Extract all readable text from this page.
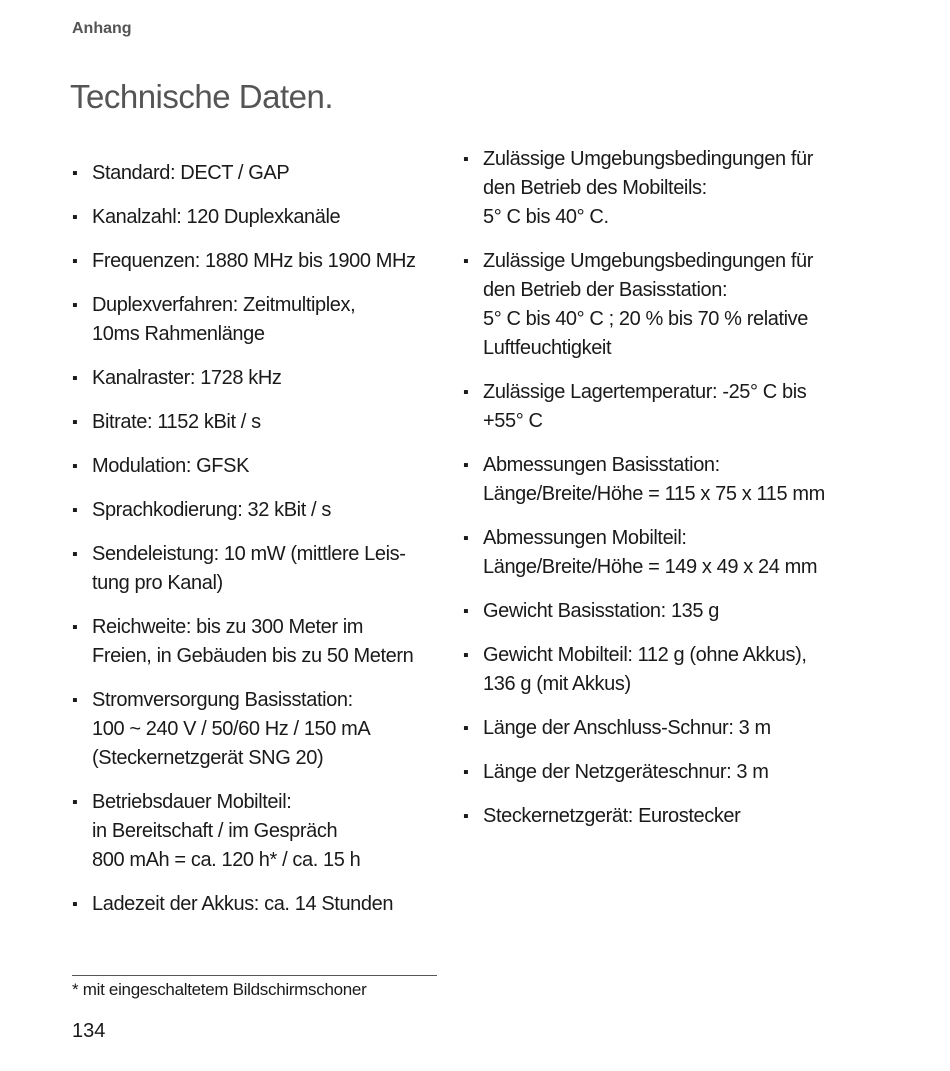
Anhang
Technische Daten.
▪ Standard: DECT / GAP
▪ Kanalzahl: 120 Duplexkanäle
▪ Frequenzen: 1880 MHz bis 1900 MHz
▪ Duplexverfahren: Zeitmultiplex,
10ms Rahmenlänge
▪ Kanalraster: 1728 kHz
▪ Bitrate: 1152 kBit / s
▪ Modulation: GFSK
▪ Sprachkodierung: 32 kBit / s
▪ Sendeleistung: 10 mW (mittlere Leis-
tung pro Kanal)
▪ Reichweite: bis zu 300 Meter im
Freien, in Gebäuden bis zu 50 Metern
▪ Stromversorgung Basisstation:
100 ~ 240 V / 50/60 Hz / 150 mA
(Steckernetzgerät SNG 20)
▪ Betriebsdauer Mobilteil:
in Bereitschaft / im Gespräch
800 mAh = ca. 120 h* / ca. 15 h
▪ Ladezeit der Akkus: ca. 14 Stunden
▪ Zulässige Umgebungsbedingungen für
den Betrieb des Mobilteils:
5° C bis 40° C.
▪ Zulässige Umgebungsbedingungen für
den Betrieb der Basisstation:
5° C bis 40° C ; 20 % bis 70 % relative
Luftfeuchtigkeit
▪ Zulässige Lagertemperatur: -25° C bis
+55° C
▪ Abmessungen Basisstation:
Länge/Breite/Höhe = 115 x 75 x 115 mm
▪ Abmessungen Mobilteil:
Länge/Breite/Höhe = 149 x 49 x 24 mm
▪ Gewicht Basisstation: 135 g
▪ Gewicht Mobilteil: 112 g (ohne Akkus),
136 g (mit Akkus)
▪ Länge der Anschluss-Schnur: 3 m
▪ Länge der Netzgeräteschnur: 3 m
▪ Steckernetzgerät: Eurostecker
* mit eingeschaltetem Bildschirmschoner
134
